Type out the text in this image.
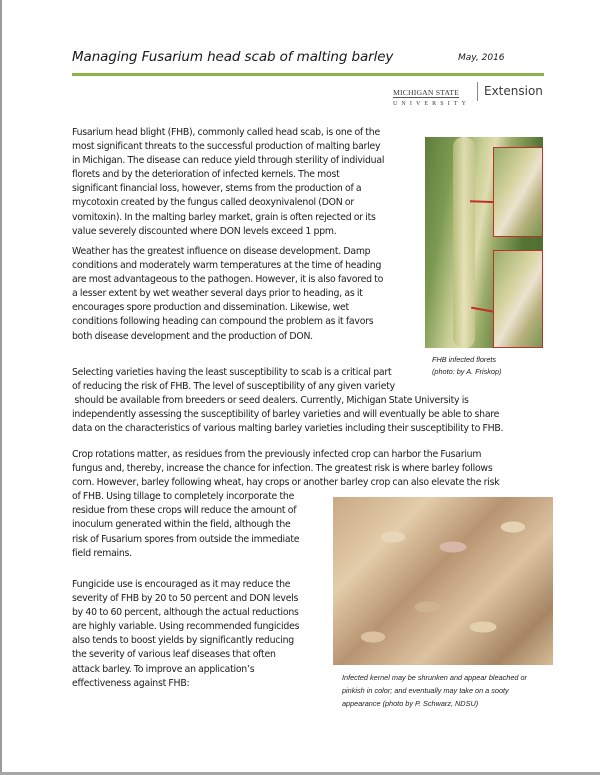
Managing Fusarium head scab of malting barley	May, 2016
MICHIGAN STATE
UNIVERSITY
Extension

Fusarium head blight (FHB), commonly called head scab, is one of the
most significant threats to the successful production of malting barley
in Michigan. The disease can reduce yield through sterility of individual
florets and by the deterioration of infected kernels. The most
significant financial loss, however, stems from the production of a
mycotoxin created by the fungus called deoxynivalenol (DON or
vomitoxin). In the malting barley market, grain is often rejected or its
value severely discounted where DON levels exceed 1 ppm.

Weather has the greatest influence on disease development. Damp
conditions and moderately warm temperatures at the time of heading
are most advantageous to the pathogen. However, it is also favored to
a lesser extent by wet weather several days prior to heading, as it
encourages spore production and dissemination. Likewise, wet
conditions following heading can compound the problem as it favors
both disease development and the production of DON.

Selecting varieties having the least susceptibility to scab is a critical part
of reducing the risk of FHB. The level of susceptibility of any given variety
should be available from breeders or seed dealers. Currently, Michigan State University is
independently assessing the susceptibility of barley varieties and will eventually be able to share
data on the characteristics of various malting barley varieties including their susceptibility to FHB.

Crop rotations matter, as residues from the previously infected crop can harbor the Fusarium
fungus and, thereby, increase the chance for infection. The greatest risk is where barley follows
corn. However, barley following wheat, hay crops or another barley crop can also elevate the risk
of FHB. Using tillage to completely incorporate the
residue from these crops will reduce the amount of
inoculum generated within the field, although the
risk of Fusarium spores from outside the immediate
field remains.

Fungicide use is encouraged as it may reduce the
severity of FHB by 20 to 50 percent and DON levels
by 40 to 60 percent, although the actual reductions
are highly variable. Using recommended fungicides
also tends to boost yields by significantly reducing
the severity of various leaf diseases that often
attack barley. To improve an application’s
effectiveness against FHB:

FHB infected florets
(photo: by A. Friskop)
Infected kernel may be shrunken and appear bleached or
pinkish in color; and eventually may take on a sooty
appearance (photo by P. Schwarz, NDSU)
